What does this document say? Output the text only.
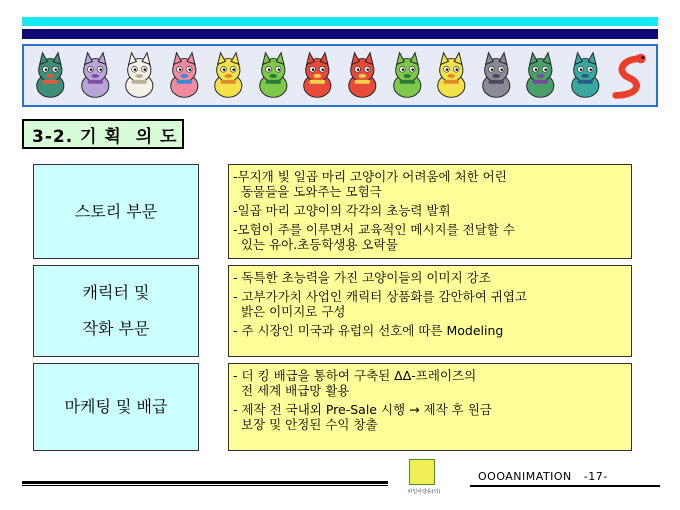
3-2. 기 획  의 도
스토리 부문
-무지개 빛 일곱 마리 고양이가 어려움에 처한 어린
동물들을 도와주는 모험극
-일곱 마리 고양이의 각각의 초능력 발휘
-모험이 주를 이루면서 교육적인 메시지를 전달할 수
있는 유아.초등학생용 오락물
캐릭터 및
작화 부문
- 독특한 초능력을 가진 고양이들의 이미지 강조
- 고부가가치 사업인 캐릭터 상품화를 감안하여 귀엽고
밝은 이미지로 구성
- 주 시장인 미국과 유럽의 선호에 따른 Modeling
마케팅 및 배급
- 더 킹 배급을 통하여 구축된 ΔΔ-프레이즈의
전 세계 배급망 활용
- 제작 전 국내외 Pre-Sale 시행 → 제작 후 원금
보장 및 안정된 수익 창출
파일사랑동(의)
OOOANIMATION   -17-
